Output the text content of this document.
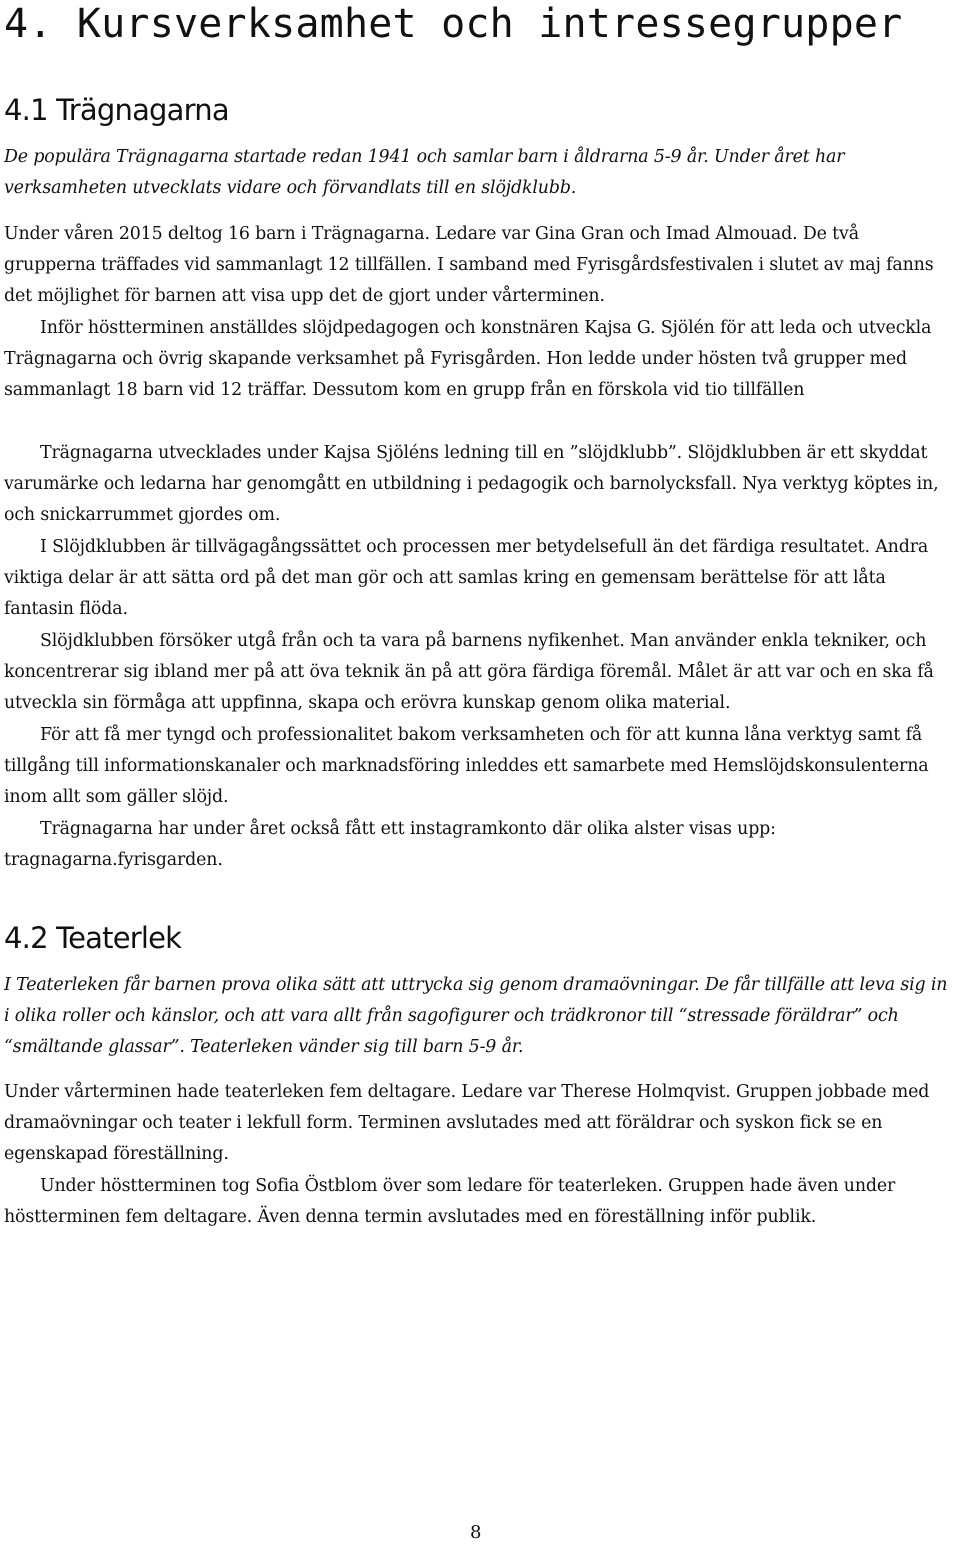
4. Kursverksamhet och intressegrupper
4.1 Trägnagarna

De populära Trägnagarna startade redan 1941 och samlar barn i åldrarna 5-9 år. Under året har verksamheten utvecklats vidare och förvandlats till en slöjdklubb.

Under våren 2015 deltog 16 barn i Trägnagarna. Ledare var Gina Gran och Imad Almouad. De två grupperna träffades vid sammanlagt 12 tillfällen. I samband med Fyrisgårdsfestivalen i slutet av maj fanns det möjlighet för barnen att visa upp det de gjort under vårterminen.

Inför höstterminen anställdes slöjdpedagogen och konstnären Kajsa G. Sjölén för att leda och utveckla Trägnagarna och övrig skapande verksamhet på Fyrisgården. Hon ledde under hösten två grupper med sammanlagt 18 barn vid 12 träffar. Dessutom kom en grupp från en förskola vid tio tillfällen

Trägnagarna utvecklades under Kajsa Sjöléns ledning till en ”slöjdklubb”. Slöjdklubben är ett skyddat varumärke och ledarna har genomgått en utbildning i pedagogik och barnolycksfall. Nya verktyg köptes in, och snickarrummet gjordes om.

I Slöjdklubben är tillvägagångssättet och processen mer betydelsefull än det färdiga resultatet. Andra viktiga delar är att sätta ord på det man gör och att samlas kring en gemensam berättelse för att låta fantasin flöda.

Slöjdklubben försöker utgå från och ta vara på barnens nyfikenhet. Man använder enkla tekniker, och koncentrerar sig ibland mer på att öva teknik än på att göra färdiga föremål. Målet är att var och en ska få utveckla sin förmåga att uppfinna, skapa och erövra kunskap genom olika material.

För att få mer tyngd och professionalitet bakom verksamheten och för att kunna låna verktyg samt få tillgång till informationskanaler och marknadsföring inleddes ett samarbete med Hemslöjdskonsulenterna inom allt som gäller slöjd.

Trägnagarna har under året också fått ett instagramkonto där olika alster visas upp: tragnagarna.fyrisgarden.

4.2 Teaterlek

I Teaterleken får barnen prova olika sätt att uttrycka sig genom dramaövningar. De får tillfälle att leva sig in i olika roller och känslor, och att vara allt från sagofigurer och trädkronor till “stressade föräldrar” och “smältande glassar”. Teaterleken vänder sig till barn 5-9 år.

Under vårterminen hade teaterleken fem deltagare. Ledare var Therese Holmqvist. Gruppen jobbade med dramaövningar och teater i lekfull form. Terminen avslutades med att föräldrar och syskon fick se en egenskapad föreställning.

Under höstterminen tog Sofia Östblom över som ledare för teaterleken. Gruppen hade även under höstterminen fem deltagare. Även denna termin avslutades med en föreställning inför publik.

8
